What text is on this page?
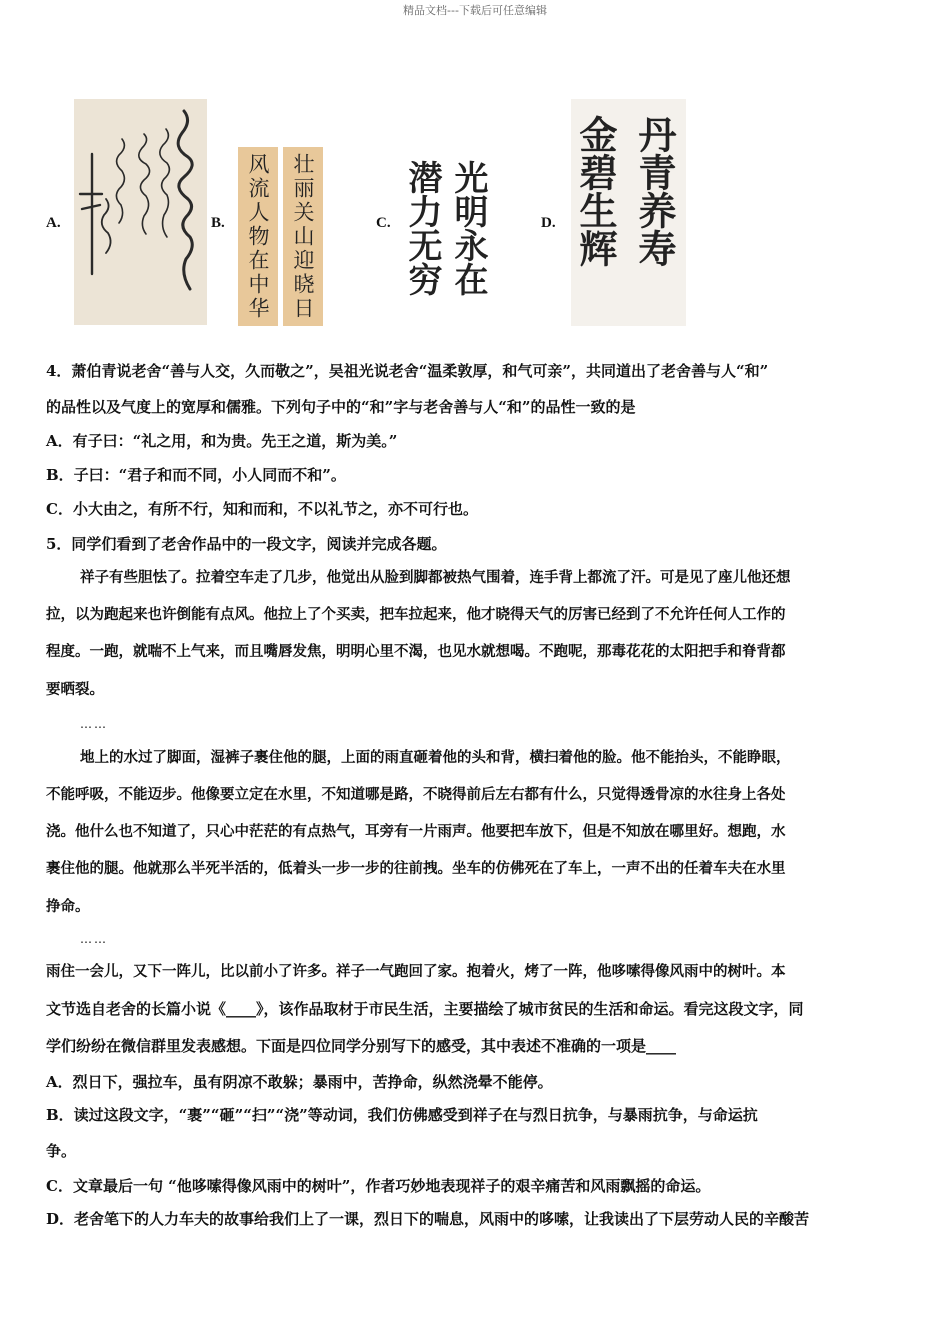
精品文档---下载后可任意编辑
A.	B. 风流人物在中华 壮丽关山迎晓日	C. 光明永在
潜力无穷	D. 丹青养寿
金碧生辉
4．萧伯青说老舍“善与人交，久而敬之”，吴祖光说老舍“温柔敦厚，和气可亲”，共同道出了老舍善与人“和”
的品性以及气度上的宽厚和儒雅。下列句子中的“和”字与老舍善与人“和”的品性一致的是
A．有子曰：“礼之用，和为贵。先王之道，斯为美。”
B．子曰：“君子和而不同，小人同而不和”。
C．小大由之，有所不行，知和而和，不以礼节之，亦不可行也。
5．同学们看到了老舍作品中的一段文字，阅读并完成各题。
祥子有些胆怯了。拉着空车走了几步，他觉出从脸到脚都被热气围着，连手背上都流了汗。可是见了座儿他还想
拉，以为跑起来也许倒能有点风。他拉上了个买卖，把车拉起来，他才晓得天气的厉害已经到了不允许任何人工作的
程度。一跑，就喘不上气来，而且嘴唇发焦，明明心里不渴，也见水就想喝。不跑呢，那毒花花的太阳把手和脊背都
要晒裂。
……
地上的水过了脚面，湿裤子裹住他的腿，上面的雨直砸着他的头和背，横扫着他的脸。他不能抬头，不能睁眼，
不能呼吸，不能迈步。他像要立定在水里，不知道哪是路，不晓得前后左右都有什么，只觉得透骨凉的水往身上各处
浇。他什么也不知道了，只心中茫茫的有点热气，耳旁有一片雨声。他要把车放下，但是不知放在哪里好。想跑，水
裹住他的腿。他就那么半死半活的，低着头一步一步的往前拽。坐车的仿佛死在了车上，一声不出的任着车夫在水里
挣命。
……
雨住一会儿，又下一阵儿，比以前小了许多。祥子一气跑回了家。抱着火，烤了一阵，他哆嗦得像风雨中的树叶。本
文节选自老舍的长篇小说《____》，该作品取材于市民生活，主要描绘了城市贫民的生活和命运。看完这段文字，同
学们纷纷在微信群里发表感想。下面是四位同学分别写下的感受，其中表述不准确的一项是____
A．烈日下，强拉车，虽有阴凉不敢躲；暴雨中，苦挣命，纵然浇晕不能停。
B．读过这段文字，“裹”“砸”“扫”“浇”等动词，我们仿佛感受到祥子在与烈日抗争，与暴雨抗争，与命运抗
争。
C．文章最后一句 “他哆嗦得像风雨中的树叶”，作者巧妙地表现祥子的艰辛痛苦和风雨飘摇的命运。
D．老舍笔下的人力车夫的故事给我们上了一课，烈日下的喘息，风雨中的哆嗦，让我读出了下层劳动人民的辛酸苦
